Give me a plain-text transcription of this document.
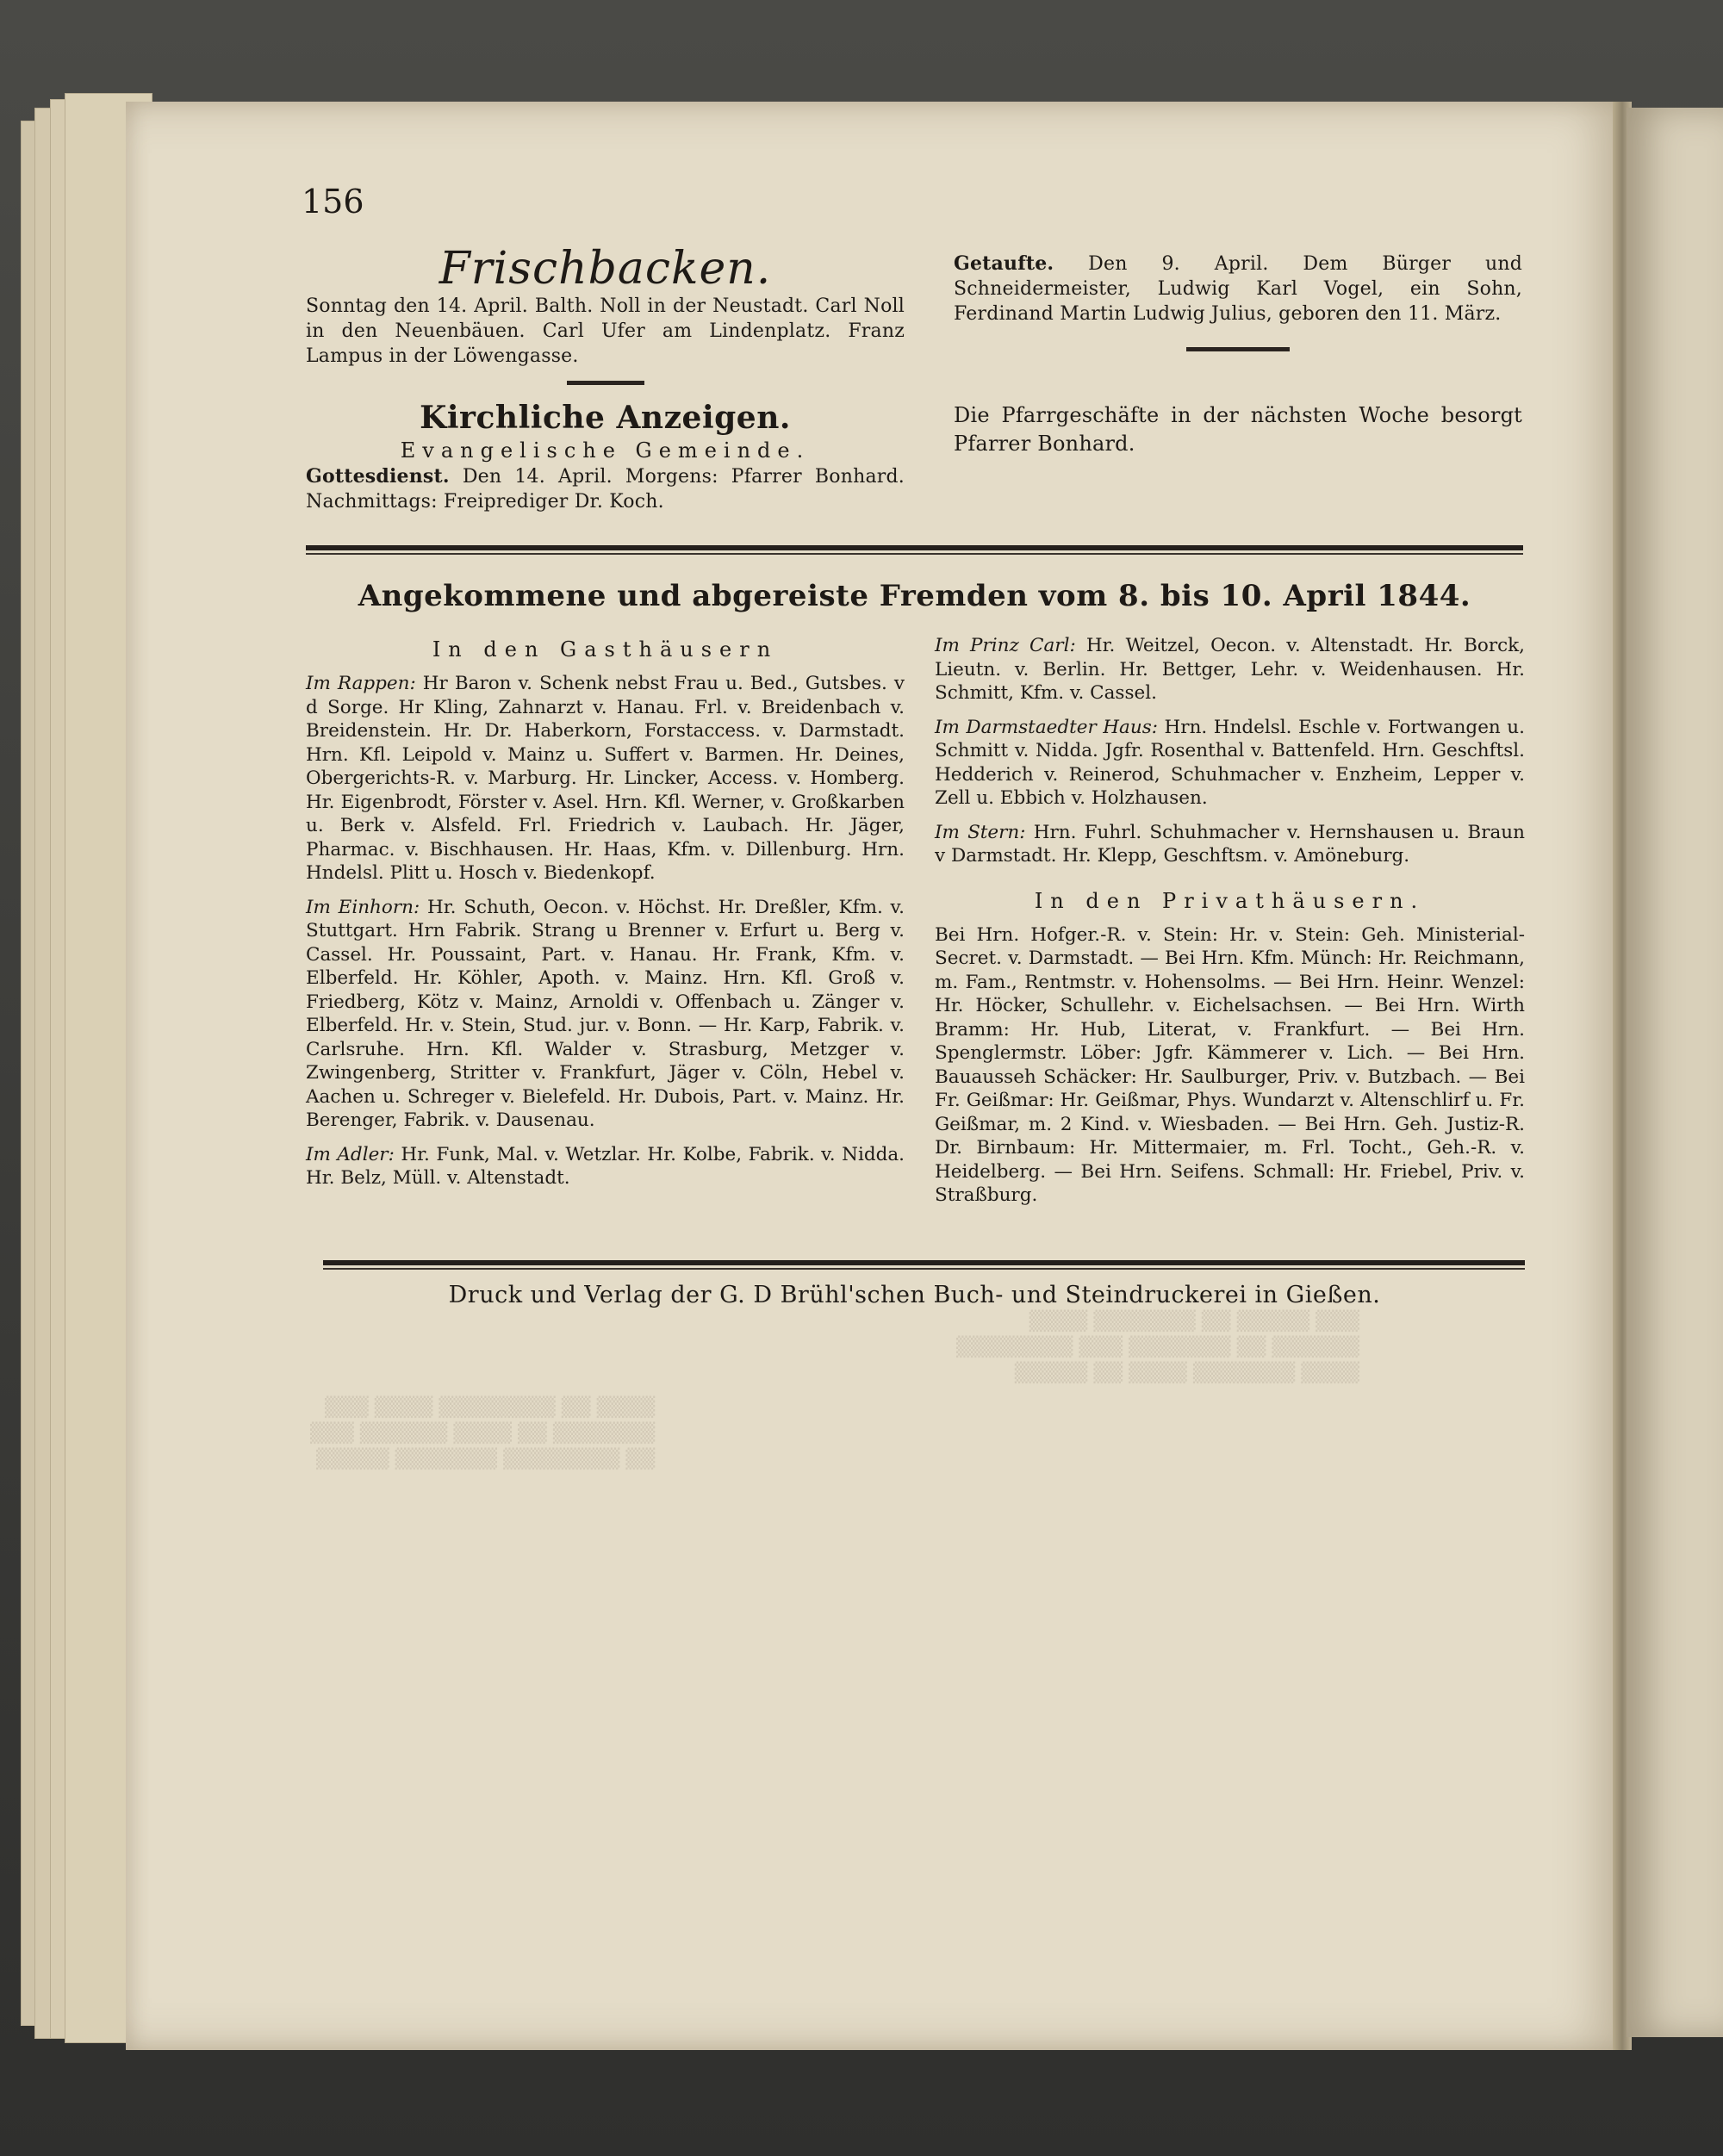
▒▒▒ ▒▒▒▒▒ ▒▒ ▒▒▒▒▒▒▒ ▒▒▒▒
▒▒▒▒▒▒ ▒▒ ▒▒▒▒▒▒▒ ▒▒▒ ▒▒▒▒▒▒▒▒
▒▒▒▒ ▒▒▒▒▒▒▒ ▒▒▒▒ ▒▒ ▒▒▒▒▒
▒▒▒▒ ▒▒ ▒▒▒▒▒▒▒▒ ▒▒▒▒ ▒▒▒
▒▒▒▒▒▒▒ ▒▒ ▒▒▒▒ ▒▒▒▒▒▒ ▒▒▒
▒▒ ▒▒▒▒▒▒▒▒ ▒▒▒▒▒▒▒ ▒▒▒▒▒
156
Frischbacken.

Sonntag den 14. April. Balth. Noll in der Neustadt. Carl Noll in den Neuenbäuen. Carl Ufer am Lindenplatz. Franz Lampus in der Löwengasse.

Kirchliche Anzeigen.

Evangelische Gemeinde.

Gottesdienst. Den 14. April. Morgens: Pfarrer Bonhard. Nachmittags: Freiprediger Dr. Koch.

Getaufte. Den 9. April. Dem Bürger und Schneidermeister, Ludwig Karl Vogel, ein Sohn, Ferdinand Martin Ludwig Julius, geboren den 11. März.

Die Pfarrgeschäfte in der nächsten Woche besorgt Pfarrer Bonhard.

Angekommene und abgereiste Fremden vom 8. bis 10. April 1844.

In den Gasthäusern

Im Rappen: Hr Baron v. Schenk nebst Frau u. Bed., Gutsbes. v d Sorge. Hr Kling, Zahnarzt v. Hanau. Frl. v. Breidenbach v. Breidenstein. Hr. Dr. Haberkorn, Forstaccess. v. Darmstadt. Hrn. Kfl. Leipold v. Mainz u. Suffert v. Barmen. Hr. Deines, Obergerichts-R. v. Marburg. Hr. Lincker, Access. v. Homberg. Hr. Eigenbrodt, Förster v. Asel. Hrn. Kfl. Werner, v. Großkarben u. Berk v. Alsfeld. Frl. Friedrich v. Laubach. Hr. Jäger, Pharmac. v. Bischhausen. Hr. Haas, Kfm. v. Dillenburg. Hrn. Hndelsl. Plitt u. Hosch v. Biedenkopf.

Im Einhorn: Hr. Schuth, Oecon. v. Höchst. Hr. Dreßler, Kfm. v. Stuttgart. Hrn Fabrik. Strang u Brenner v. Erfurt u. Berg v. Cassel. Hr. Poussaint, Part. v. Hanau. Hr. Frank, Kfm. v. Elberfeld. Hr. Köhler, Apoth. v. Mainz. Hrn. Kfl. Groß v. Friedberg, Kötz v. Mainz, Arnoldi v. Offenbach u. Zänger v. Elberfeld. Hr. v. Stein, Stud. jur. v. Bonn. — Hr. Karp, Fabrik. v. Carlsruhe. Hrn. Kfl. Walder v. Strasburg, Metzger v. Zwingenberg, Stritter v. Frankfurt, Jäger v. Cöln, Hebel v. Aachen u. Schreger v. Bielefeld. Hr. Dubois, Part. v. Mainz. Hr. Berenger, Fabrik. v. Dausenau.

Im Adler: Hr. Funk, Mal. v. Wetzlar. Hr. Kolbe, Fabrik. v. Nidda. Hr. Belz, Müll. v. Altenstadt.

Im Prinz Carl: Hr. Weitzel, Oecon. v. Altenstadt. Hr. Borck, Lieutn. v. Berlin. Hr. Bettger, Lehr. v. Weidenhausen. Hr. Schmitt, Kfm. v. Cassel.

Im Darmstaedter Haus: Hrn. Hndelsl. Eschle v. Fortwangen u. Schmitt v. Nidda. Jgfr. Rosenthal v. Battenfeld. Hrn. Geschftsl. Hedderich v. Reinerod, Schuhmacher v. Enzheim, Lepper v. Zell u. Ebbich v. Holzhausen.

Im Stern: Hrn. Fuhrl. Schuhmacher v. Hernshausen u. Braun v Darmstadt. Hr. Klepp, Geschftsm. v. Amöneburg.

In den Privathäusern.

Bei Hrn. Hofger.-R. v. Stein: Hr. v. Stein: Geh. Ministerial-Secret. v. Darmstadt. — Bei Hrn. Kfm. Münch: Hr. Reichmann, m. Fam., Rentmstr. v. Hohensolms. — Bei Hrn. Heinr. Wenzel: Hr. Höcker, Schullehr. v. Eichelsachsen. — Bei Hrn. Wirth Bramm: Hr. Hub, Literat, v. Frankfurt. — Bei Hrn. Spenglermstr. Löber: Jgfr. Kämmerer v. Lich. — Bei Hrn. Bauausseh Schäcker: Hr. Saulburger, Priv. v. Butzbach. — Bei Fr. Geißmar: Hr. Geißmar, Phys. Wundarzt v. Altenschlirf u. Fr. Geißmar, m. 2 Kind. v. Wiesbaden. — Bei Hrn. Geh. Justiz-R. Dr. Birnbaum: Hr. Mittermaier, m. Frl. Tocht., Geh.-R. v. Heidelberg. — Bei Hrn. Seifens. Schmall: Hr. Friebel, Priv. v. Straßburg.

Druck und Verlag der G. D Brühl'schen Buch- und Steindruckerei in Gießen.
